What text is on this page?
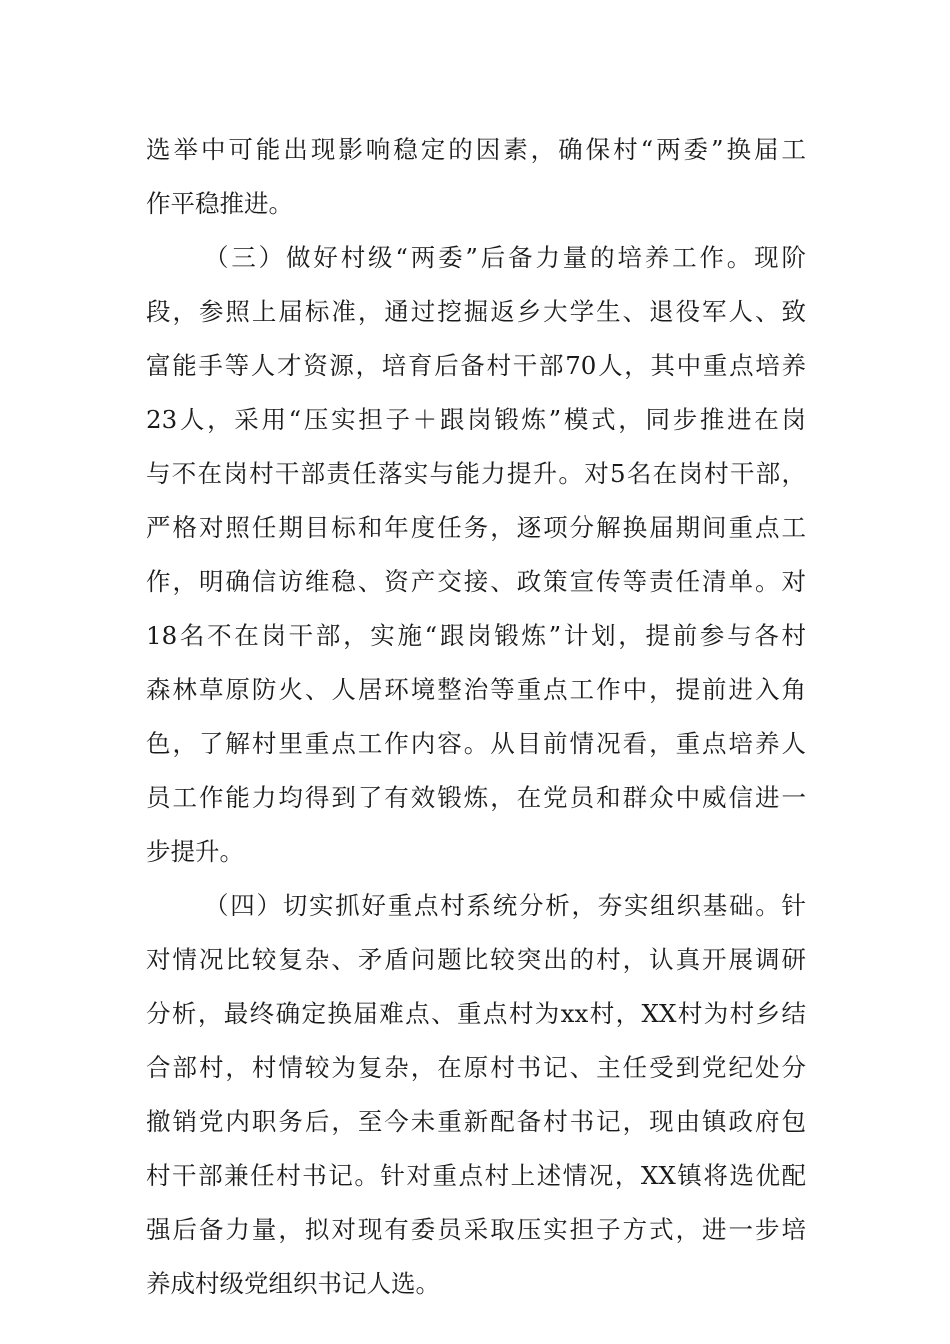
选举中可能出现影响稳定的因素，确保村“两委”换届工
作平稳推进。
（三）做好村级“两委”后备力量的培养工作。现阶
段，参照上届标准，通过挖掘返乡大学生、退役军人、致
富能手等人才资源，培育后备村干部70人，其中重点培养
23人，采用“压实担子＋跟岗锻炼”模式，同步推进在岗
与不在岗村干部责任落实与能力提升。对5名在岗村干部，
严格对照任期目标和年度任务，逐项分解换届期间重点工
作，明确信访维稳、资产交接、政策宣传等责任清单。对
18名不在岗干部，实施“跟岗锻炼”计划，提前参与各村
森林草原防火、人居环境整治等重点工作中，提前进入角
色，了解村里重点工作内容。从目前情况看，重点培养人
员工作能力均得到了有效锻炼，在党员和群众中威信进一
步提升。
（四）切实抓好重点村系统分析，夯实组织基础。针
对情况比较复杂、矛盾问题比较突出的村，认真开展调研
分析，最终确定换届难点、重点村为xx村，XX村为村乡结
合部村，村情较为复杂，在原村书记、主任受到党纪处分
撤销党内职务后，至今未重新配备村书记，现由镇政府包
村干部兼任村书记。针对重点村上述情况，XX镇将选优配
强后备力量，拟对现有委员采取压实担子方式，进一步培
养成村级党组织书记人选。
